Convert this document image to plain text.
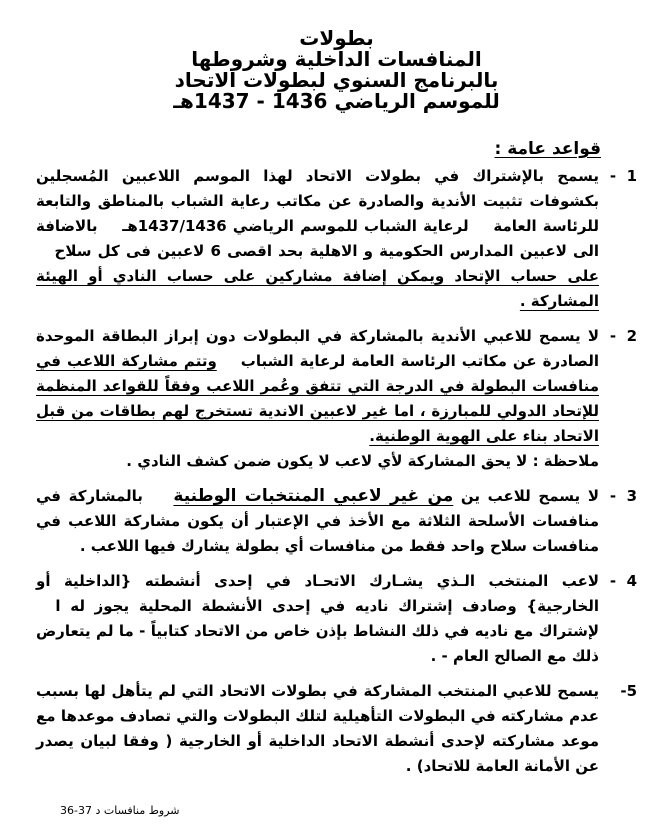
بطولات
المنافسات الداخلية وشروطها
بالبرنامج السنوي لبطولات الاتحاد
للموسم الرياضي 1436 - 1437هـ
قواعد عامة :
1  -
يسمح بالإشتراك في بطولات الاتحاد لهذا الموسم اللاعبين المُسجلين بكشوفات تثبيت الأندية والصادرة عن مكاتب رعاية الشباب بالمناطق والتابعة للرئاسة العامة    لرعاية الشباب للموسم الرياضي 1437/1436هـ    بالاضافة الى لاعبين المدارس الحكومية و الاهلية بحد اقصى 6 لاعبين فى كل سلاح    على حساب الإتحاد ويمكن إضافة مشاركين على حساب النادي أو الهيئة المشاركة .
2  -
لا يسمح للاعبي الأندية بالمشاركة في البطولات دون إبراز البطاقة الموحدة الصادرة عن مكاتب الرئاسة العامة لرعاية الشباب    وتتم مشاركة اللاعب في منافسات البطولة في الدرجة التي تتفق وعُمر اللاعب وفقاً للقواعد المنظمة للإتحاد الدولي للمبارزة ، اما غير لاعبين الاندية تستخرج لهم بطاقات من قبل الاتحاد بناء على الهوية الوطنية.
ملاحظة : لا يحق المشاركة لأي لاعب لا يكون ضمن كشف النادي .
3  -
لا يسمح للاعب ين من غير لاعبي المنتخبات الوطنية    بالمشاركة في منافسات الأسلحة الثلاثة مع الأخذ في الإعتبار أن يكون مشاركة اللاعب في منافسات سلاح واحد فقط من منافسات أي بطولة يشارك فيها اللاعب .
4  -
لاعب المنتخب الـذي يشـارك الاتحـاد في إحدى أنشطته {الداخلية أو الخارجية} وصادف إشتراك ناديه في إحدى الأنشطة المحلية يجوز له ا   لإشتراك مع ناديه في ذلك النشاط بإذن خاص من الاتحاد كتابياً - ما لم يتعارض ذلك مع الصالح العام - .
5-
يسمح للاعبي المنتخب المشاركة في بطولات الاتحاد التي لم يتأهل لها بسبب عدم مشاركته في البطولات التأهيلية لتلك البطولات والتي تصادف موعدها مع موعد مشاركته لإحدى أنشطة الاتحاد الداخلية أو الخارجية ( وفقا لبيان يصدر عن الأمانة العامة للاتحاد) .
شروط منافسات د 37-36
